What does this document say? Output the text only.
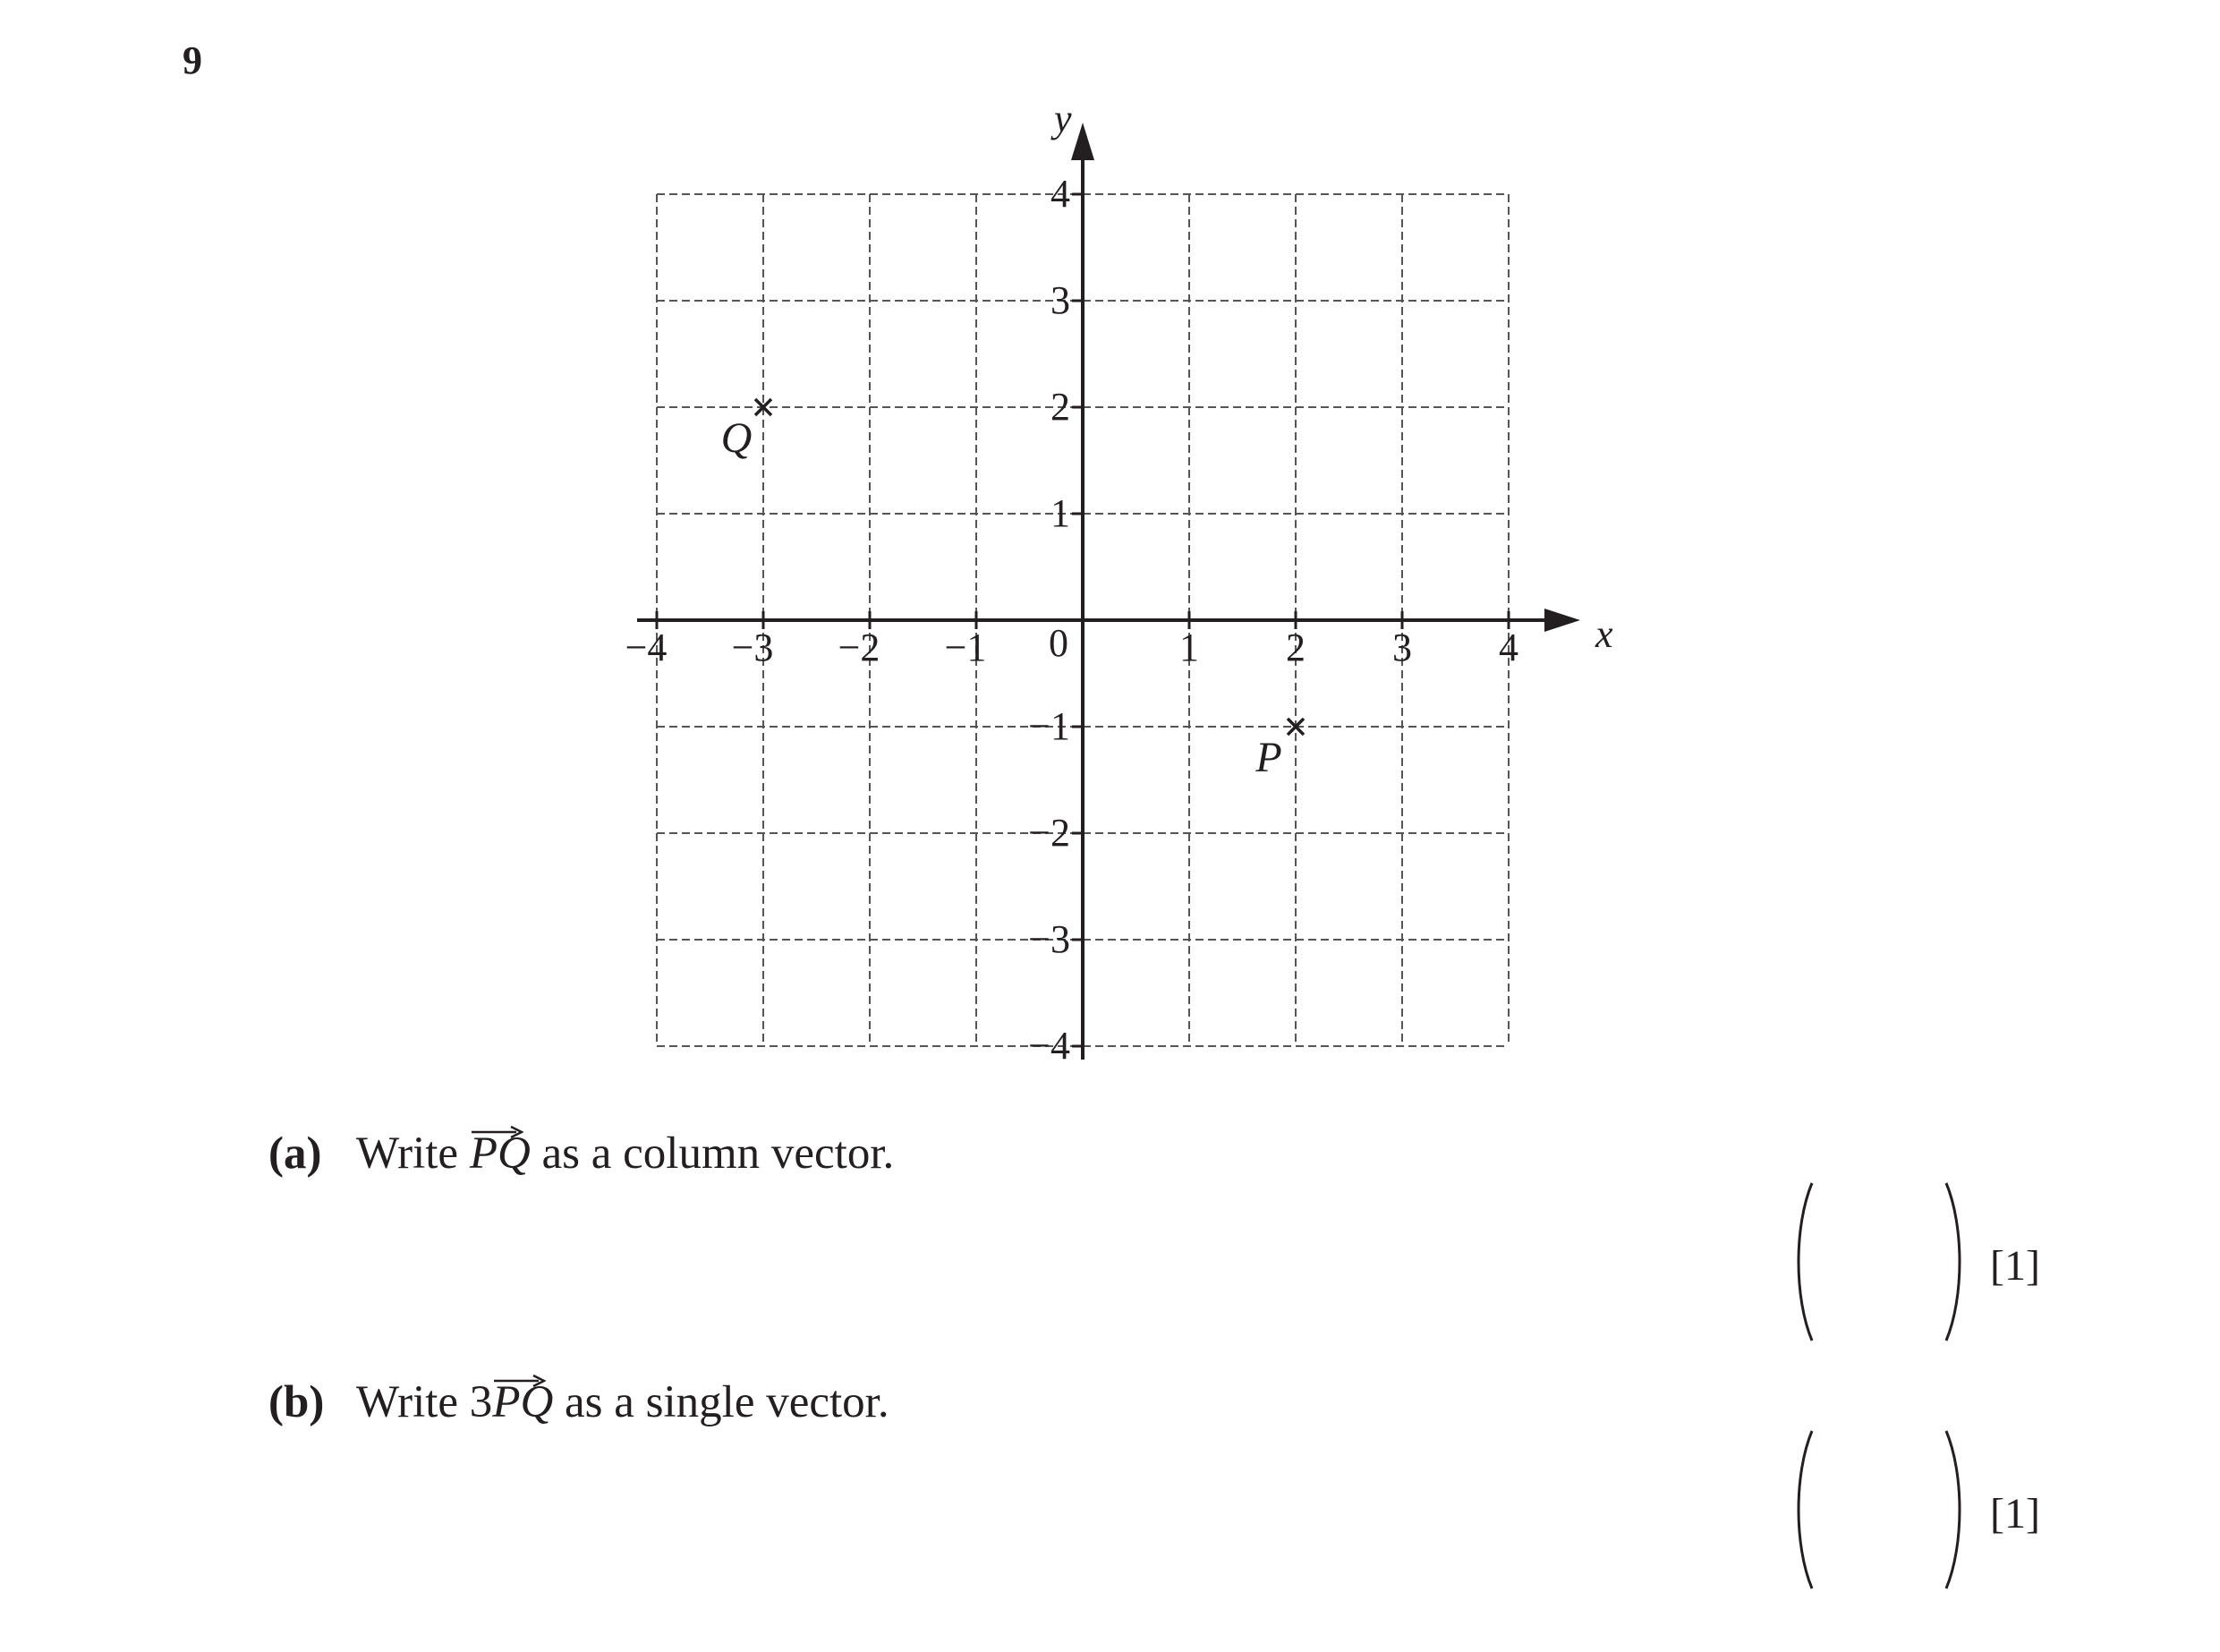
9
−4 −3 −2 −1	1 2 3 4
4
3
2
1
−1
−2
−3
−4
0	x
y
Q
P
(a) Write PQ as a column vector.
[1]
(b) Write 3
PQ as a single vector.
[1]
